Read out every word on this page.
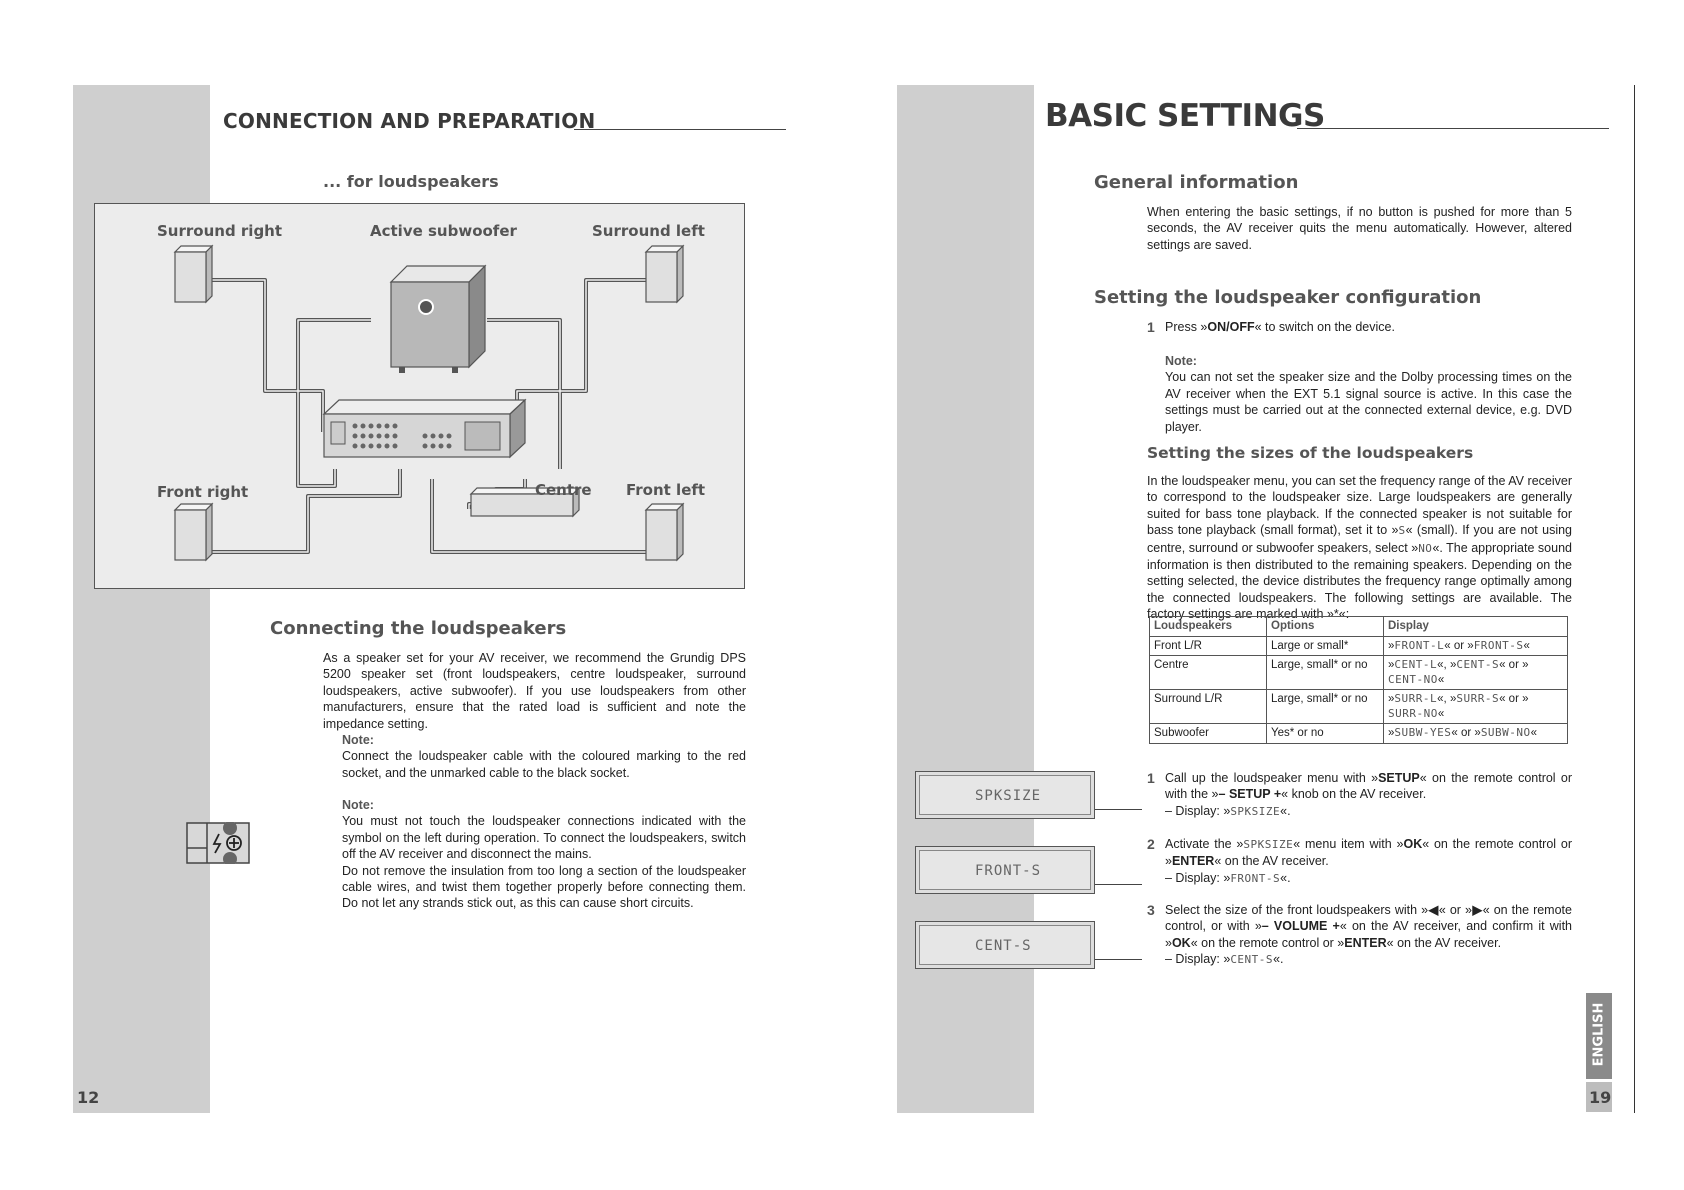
12
CONNECTION AND PREPARATION
... for loudspeakers
Surround right	Active subwoofer	Surround left
Front right	Centre Front left
Connecting the loudspeakers
As a speaker set for your AV receiver, we recommend the Grundig DPS 5200 speaker set (front loudspeakers, centre loudspeaker, surround loudspeakers, active subwoofer). If you use loudspeakers from other manufacturers, ensure that the rated load is sufficient and note the impedance setting.
Note:
Connect the loudspeaker cable with the coloured marking to the red socket, and the unmarked cable to the black socket.
Note:
You must not touch the loudspeaker connections indicated with the symbol on the left during operation. To connect the loudspeakers, switch off the AV receiver and disconnect the mains.
Do not remove the insulation from too long a section of the loudspeaker cable wires, and twist them together properly before connecting them. Do not let any strands stick out, as this can cause short circuits.
BASIC SETTINGS
General information
When entering the basic settings, if no button is pushed for more than 5 seconds, the AV receiver quits the menu automatically. However, altered settings are saved.
Setting the loudspeaker configuration
1 Press »ON/OFF« to switch on the device.
Note:
You can not set the speaker size and the Dolby processing times on the AV receiver when the EXT 5.1 signal source is active. In this case the settings must be carried out at the connected external device, e.g. DVD player.
Setting the sizes of the loudspeakers
In the loudspeaker menu, you can set the frequency range of the AV receiver to correspond to the loudspeaker size. Large loudspeakers are generally suited for bass tone playback. If the connected speaker is not suitable for bass tone playback (small format), set it to »S« (small). If you are not using centre, surround or subwoofer speakers, select »NO«. The appropriate sound information is then distributed to the remaining speakers. Depending on the setting selected, the device distributes the frequency range optimally among the connected loudspeakers. The following settings are available. The factory settings are marked with »*«:
Loudspeakers	Options	Display
Front L/R	Large or small*	»FRONT-L« or »FRONT-S«
Centre	Large, small* or no	»CENT-L«, »CENT-S« or »
CENT-NO«
Surround L/R	Large, small* or no	»SURR-L«, »SURR-S« or »
SURR-NO«
Subwoofer	Yes* or no	»SUBW-YES« or »SUBW-NO«
SPKSIZE
FRONT-S
CENT-S
1 Call up the loudspeaker menu with »SETUP« on the remote control or with the »– SETUP +« knob on the AV receiver.
– Display: »SPKSIZE«.
2 Activate the »SPKSIZE« menu item with »OK« on the remote control or »ENTER« on the AV receiver.
– Display: »FRONT-S«.
3 Select the size of the front loudspeakers with »◀« or »▶« on the remote control, or with »– VOLUME +« on the AV receiver, and confirm it with »OK« on the remote control or »ENTER« on the AV receiver.
– Display: »CENT-S«.
ENGLISH
19
